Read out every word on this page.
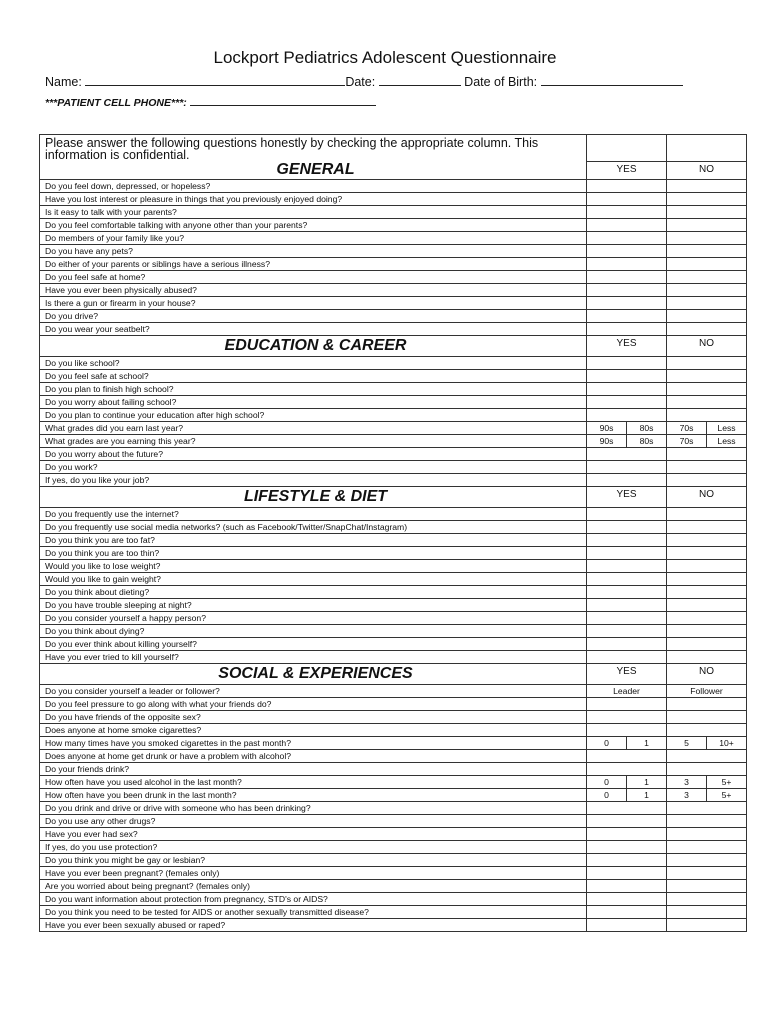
Lockport Pediatrics Adolescent Questionnaire
Name:	Date:	Date of Birth:
***PATIENT CELL PHONE***:
Please answer the following questions honestly by checking the appropriate column. This information is confidential.				
GENERAL	YES		NO	
Do you feel down, depressed, or hopeless?				
Have you lost interest or pleasure in things that you previously enjoyed doing?				
Is it easy to talk with your parents?				
Do you feel comfortable talking with anyone other than your parents?				
Do members of your family like you?				
Do you have any pets?				
Do either of your parents or siblings have a serious illness?				
Do you feel safe at home?				
Have you ever been physically abused?				
Is there a gun or firearm in your house?				
Do you drive?				
Do you wear your seatbelt?				
EDUCATION & CAREER	YES		NO	
Do you like school?				
Do you feel safe at school?				
Do you plan to finish high school?				
Do you worry about failing school?				
Do you plan to continue your education after high school?				
What grades did you earn last year?	90s	80s	70s	Less
What grades are you earning this year?	90s	80s	70s	Less
Do you worry about the future?				
Do you work?				
If yes, do you like your job?				
LIFESTYLE & DIET	YES		NO	
Do you frequently use the internet?				
Do you frequently use social media networks? (such as Facebook/Twitter/SnapChat/Instagram)				
Do you think you are too fat?				
Do you think you are too thin?				
Would you like to lose weight?				
Would you like to gain weight?				
Do you think about dieting?				
Do you have trouble sleeping at night?				
Do you consider yourself a happy person?				
Do you think about dying?				
Do you ever think about killing yourself?				
Have you ever tried to kill yourself?				
SOCIAL & EXPERIENCES	YES		NO	
Do you consider yourself a leader or follower?	Leader		Follower	
Do you feel pressure to go along with what your friends do?				
Do you have friends of the opposite sex?				
Does anyone at home smoke cigarettes?				
How many times have you smoked cigarettes in the past month?	0	1	5	10+
Does anyone at home get drunk or have a problem with alcohol?				
Do your friends drink?				
How often have you used alcohol in the last month?	0	1	3	5+
How often have you been drunk in the last month?	0	1	3	5+
Do you drink and drive or drive with someone who has been drinking?				
Do you use any other drugs?				
Have you ever had sex?				
If yes, do you use protection?				
Do you think you might be gay or lesbian?				
Have you ever been pregnant? (females only)				
Are you worried about being pregnant? (females only)				
Do you want information about protection from pregnancy, STD's or AIDS?				
Do you think you need to be tested for AIDS or another sexually transmitted disease?				
Have you ever been sexually abused or raped?				
